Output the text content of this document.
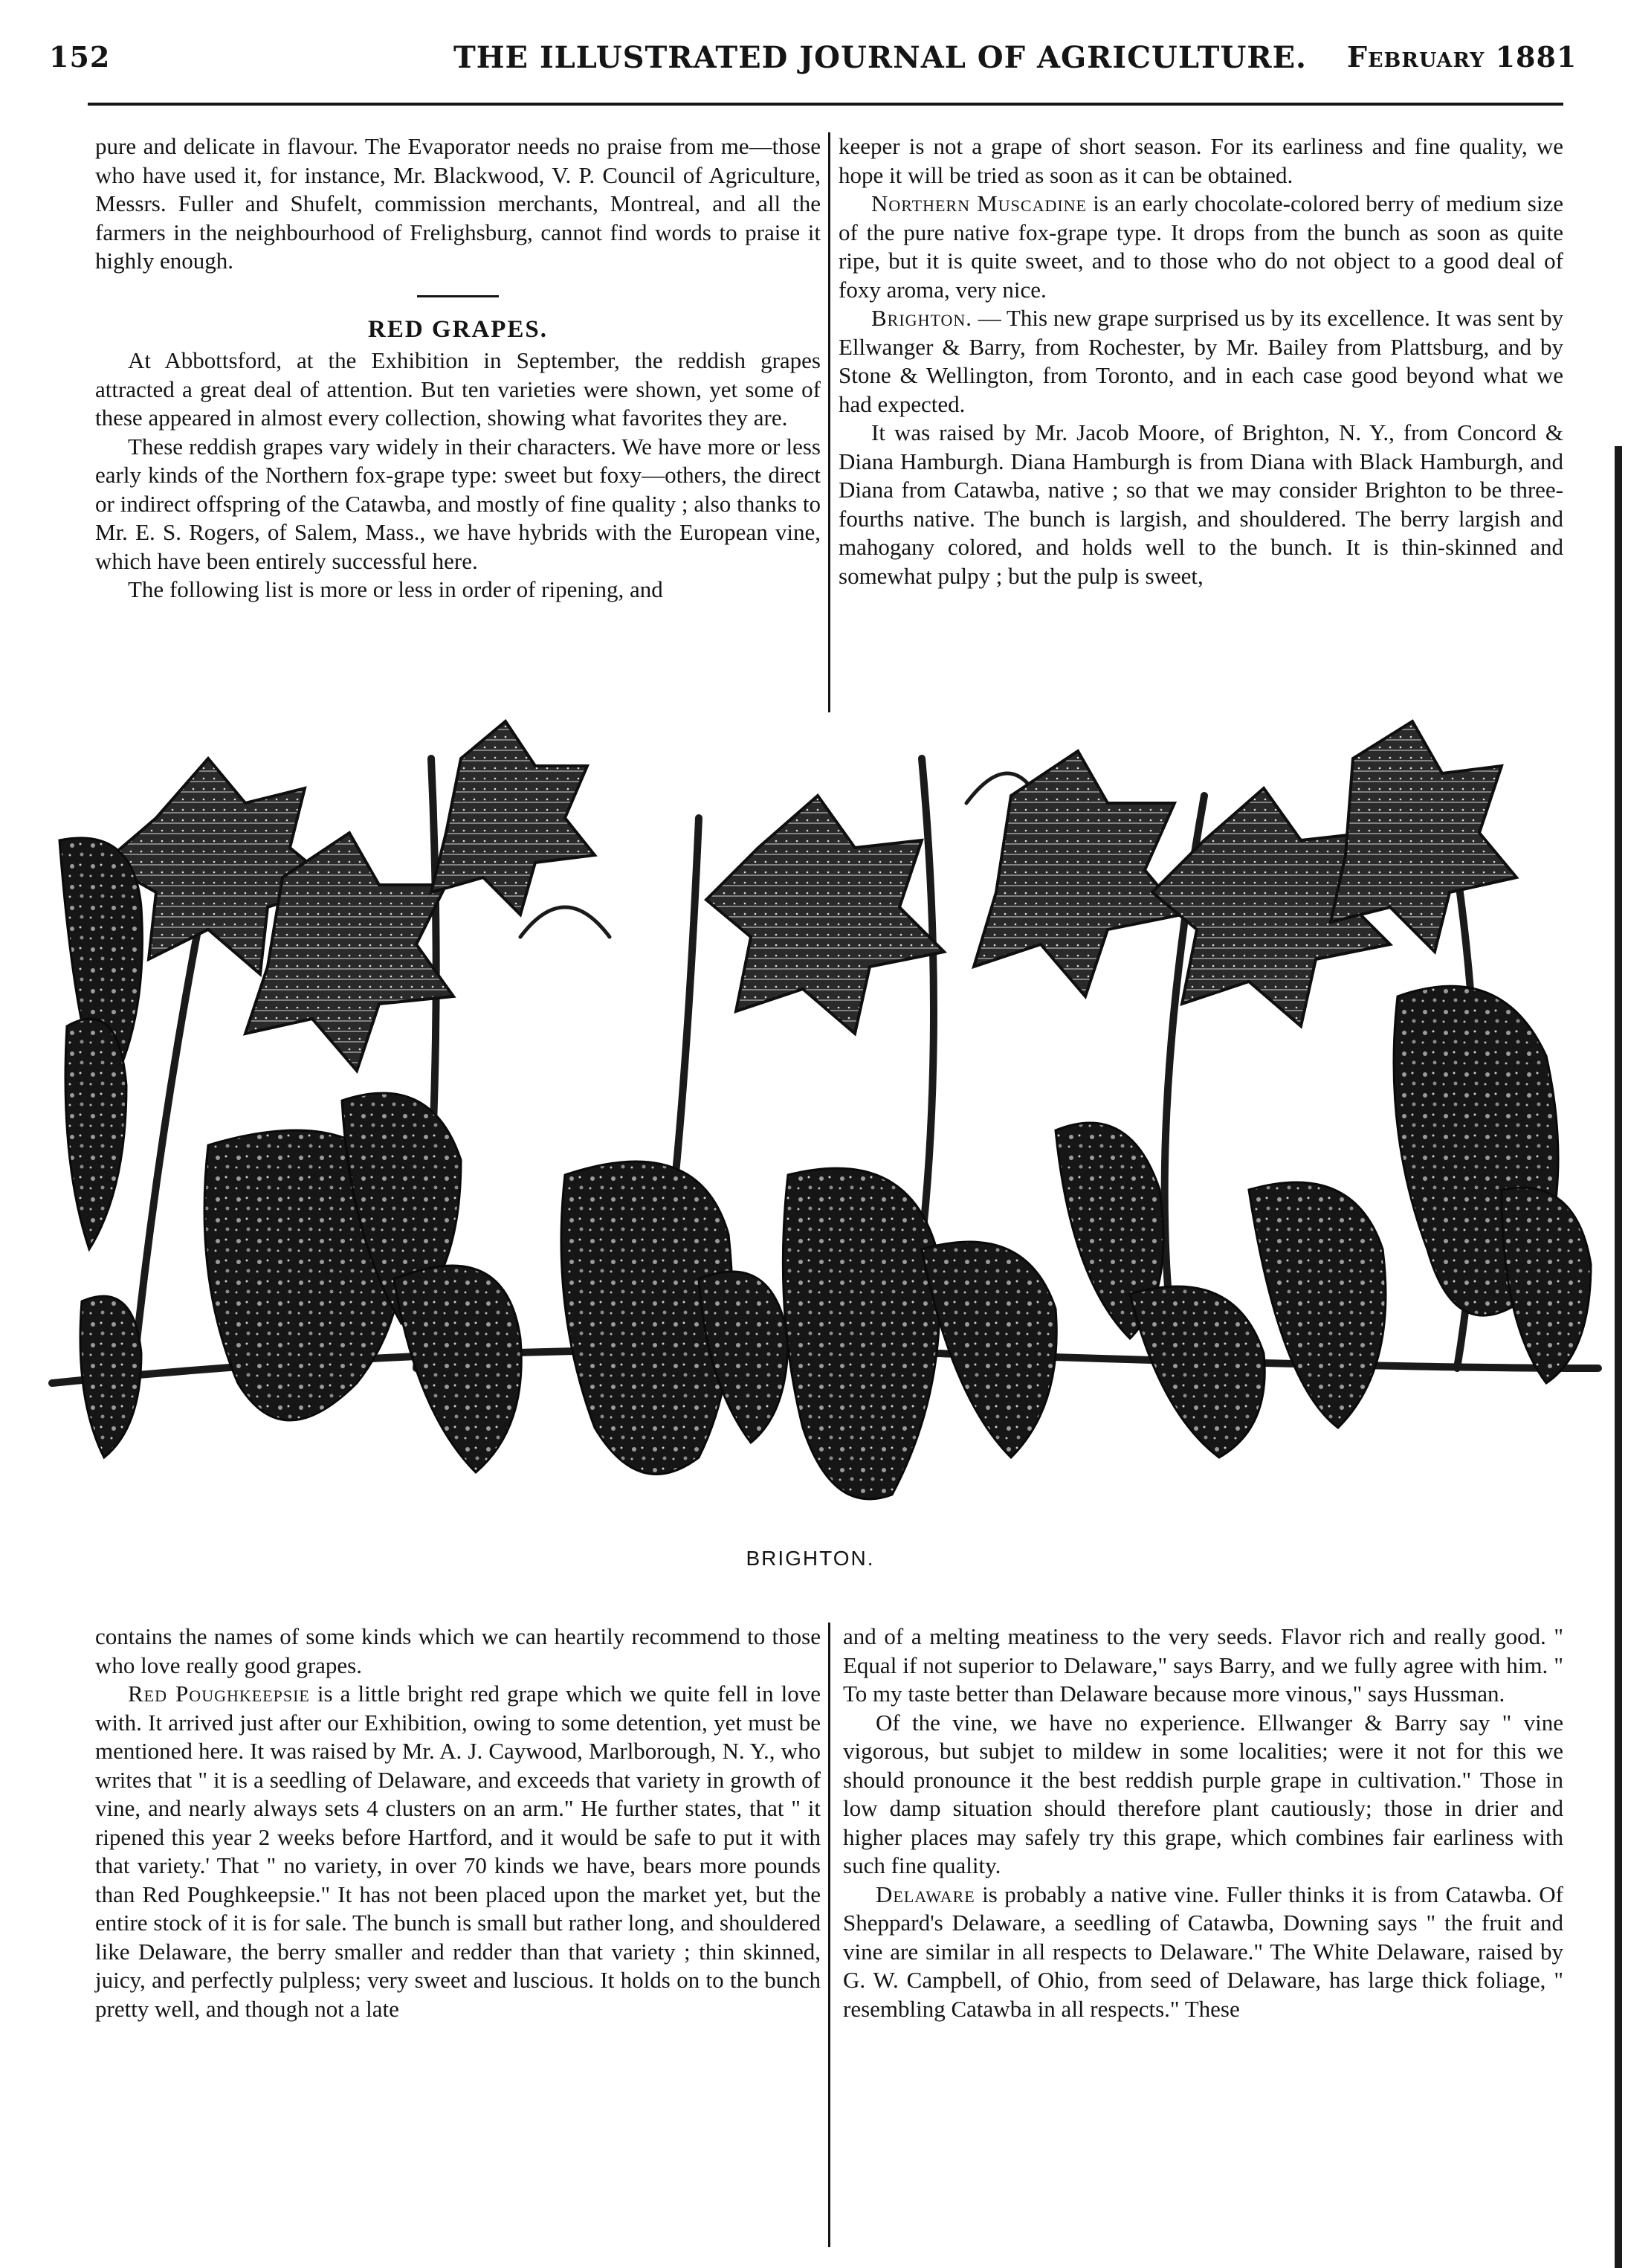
152	THE ILLUSTRATED JOURNAL OF AGRICULTURE. February 1881

pure and delicate in flavour. The Evaporator needs no praise from me—those who have used it, for instance, Mr. Blackwood, V. P. Council of Agriculture, Messrs. Fuller and Shufelt, commission merchants, Montreal, and all the farmers in the neighbourhood of Frelighsburg, cannot find words to praise it highly enough.

RED GRAPES.

At Abbottsford, at the Exhibition in September, the reddish grapes attracted a great deal of attention. But ten varieties were shown, yet some of these appeared in almost every collection, showing what favorites they are.

These reddish grapes vary widely in their characters. We have more or less early kinds of the Northern fox-grape type: sweet but foxy—others, the direct or indirect offspring of the Catawba, and mostly of fine quality ; also thanks to Mr. E. S. Rogers, of Salem, Mass., we have hybrids with the European vine, which have been entirely successful here.

The following list is more or less in order of ripening, and

keeper is not a grape of short season. For its earliness and fine quality, we hope it will be tried as soon as it can be obtained.

Northern Muscadine is an early chocolate-colored berry of medium size of the pure native fox-grape type. It drops from the bunch as soon as quite ripe, but it is quite sweet, and to those who do not object to a good deal of foxy aroma, very nice.

Brighton. — This new grape surprised us by its excellence. It was sent by Ellwanger & Barry, from Rochester, by Mr. Bailey from Plattsburg, and by Stone & Wellington, from Toronto, and in each case good beyond what we had expected.

It was raised by Mr. Jacob Moore, of Brighton, N. Y., from Concord & Diana Hamburgh. Diana Hamburgh is from Diana with Black Hamburgh, and Diana from Catawba, native ; so that we may consider Brighton to be three-fourths native. The bunch is largish, and shouldered. The berry largish and mahogany colored, and holds well to the bunch. It is thin-skinned and somewhat pulpy ; but the pulp is sweet,

BRIGHTON.

contains the names of some kinds which we can heartily recommend to those who love really good grapes.

Red Poughkeepsie is a little bright red grape which we quite fell in love with. It arrived just after our Exhibition, owing to some detention, yet must be mentioned here. It was raised by Mr. A. J. Caywood, Marlborough, N. Y., who writes that " it is a seedling of Delaware, and exceeds that variety in growth of vine, and nearly always sets 4 clusters on an arm." He further states, that " it ripened this year 2 weeks before Hartford, and it would be safe to put it with that variety.' That " no variety, in over 70 kinds we have, bears more pounds than Red Poughkeepsie." It has not been placed upon the market yet, but the entire stock of it is for sale. The bunch is small but rather long, and shouldered like Delaware, the berry smaller and redder than that variety ; thin skinned, juicy, and perfectly pulpless; very sweet and luscious. It holds on to the bunch pretty well, and though not a late

and of a melting meatiness to the very seeds. Flavor rich and really good. " Equal if not superior to Delaware," says Barry, and we fully agree with him. " To my taste better than Delaware because more vinous," says Hussman.

Of the vine, we have no experience. Ellwanger & Barry say " vine vigorous, but subjet to mildew in some localities; were it not for this we should pronounce it the best reddish purple grape in cultivation." Those in low damp situation should therefore plant cautiously; those in drier and higher places may safely try this grape, which combines fair earliness with such fine quality.

Delaware is probably a native vine. Fuller thinks it is from Catawba. Of Sheppard's Delaware, a seedling of Catawba, Downing says " the fruit and vine are similar in all respects to Delaware." The White Delaware, raised by G. W. Campbell, of Ohio, from seed of Delaware, has large thick foliage, " resembling Catawba in all respects." These
